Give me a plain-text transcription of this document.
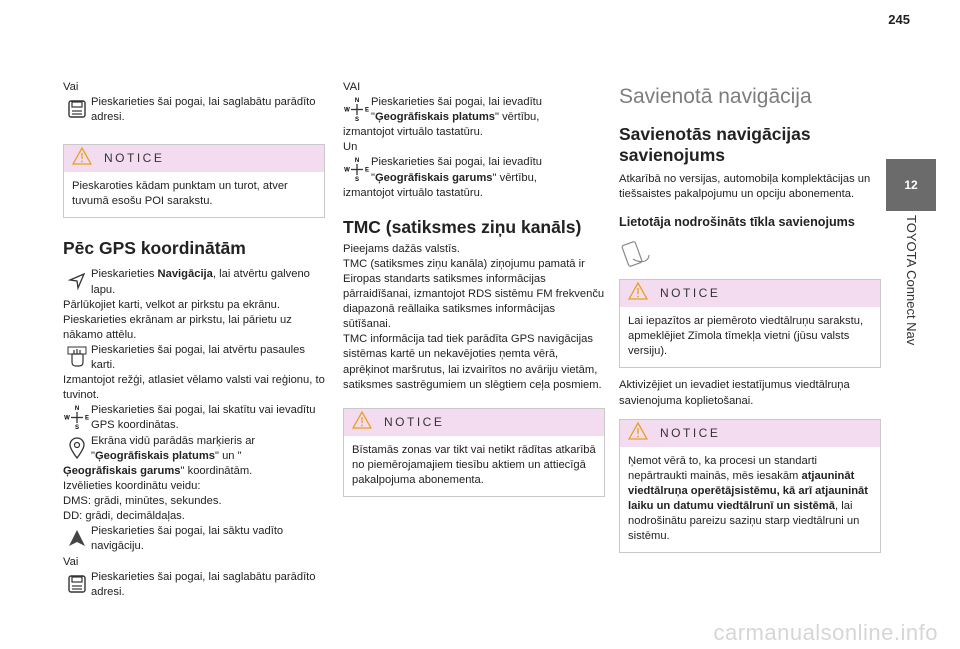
245

Vai

Pieskarieties šai pogai, lai saglabātu parādīto adresi.
NOTICE
Pieskaroties kādam punktam un turot, atver tuvumā esošu POI sarakstu.
Pēc GPS koordinātām
Pieskarieties Navigācija, lai atvērtu galveno lapu.

Pārlūkojiet karti, velkot ar pirkstu pa ekrānu.

Pieskarieties ekrānam ar pirkstu, lai pārietu uz nākamo attēlu.

Pieskarieties šai pogai, lai atvērtu pasaules karti.

Izmantojot režģi, atlasiet vēlamo valsti vai reģionu, to tuvinot.

N
S
W	E
Pieskarieties šai pogai, lai skatītu vai ievadītu GPS koordinātas.
Ekrāna vidū parādās marķieris ar "Ģeogrāfiskais platums" un "

Ģeogrāfiskais garums" koordinātām.

Izvēlieties koordinātu veidu:

DMS: grādi, minūtes, sekundes.

DD: grādi, decimāldaļas.

Pieskarieties šai pogai, lai sāktu vadīto navigāciju.

Vai

Pieskarieties šai pogai, lai saglabātu parādīto adresi.

VAI

N
S
W	E
Pieskarieties šai pogai, lai ievadītu "Ģeogrāfiskais platums" vērtību,

izmantojot virtuālo tastatūru.

Un

N
S
W	E
Pieskarieties šai pogai, lai ievadītu "Ģeogrāfiskais garums" vērtību,

izmantojot virtuālo tastatūru.

TMC (satiksmes ziņu kanāls)

Pieejams dažās valstīs.

TMC (satiksmes ziņu kanāla) ziņojumu pamatā ir Eiropas standarts satiksmes informācijas pārraidīšanai, izmantojot RDS sistēmu FM frekvenču diapazonā reāllaika satiksmes informācijas sūtīšanai.

TMC informācija tad tiek parādīta GPS navigācijas sistēmas kartē un nekavējoties ņemta vērā, aprēķinot maršrutus, lai izvairītos no avāriju vietām, satiksmes sastrēgumiem un slēgtiem ceļa posmiem.

NOTICE
Bīstamās zonas var tikt vai netikt rādītas atkarībā no piemērojamajiem tiesību aktiem un attiecīgā pakalpojuma abonementa.
Savienotā navigācija
Savienotās navigācijas savienojums

Atkarībā no versijas, automobiļa komplektācijas un tiešsaistes pakalpojumu un opciju abonementa.

Lietotāja nodrošināts tīkla savienojums
NOTICE
Lai iepazītos ar piemēroto viedtālruņu sarakstu, apmeklējiet Zīmola tīmekļa vietni (jūsu valsts versiju).

Aktivizējiet un ievadiet iestatījumus viedtālruņa savienojuma koplietošanai.

NOTICE
Ņemot vērā to, ka procesi un standarti nepārtraukti mainās, mēs iesakām atjaunināt viedtālruņa operētājsistēmu, kā arī atjaunināt laiku un datumu viedtālrunī un sistēmā, lai nodrošinātu pareizu saziņu starp viedtālruni un sistēmu.
12
TOYOTA Connect Nav
carmanualsonline.info
